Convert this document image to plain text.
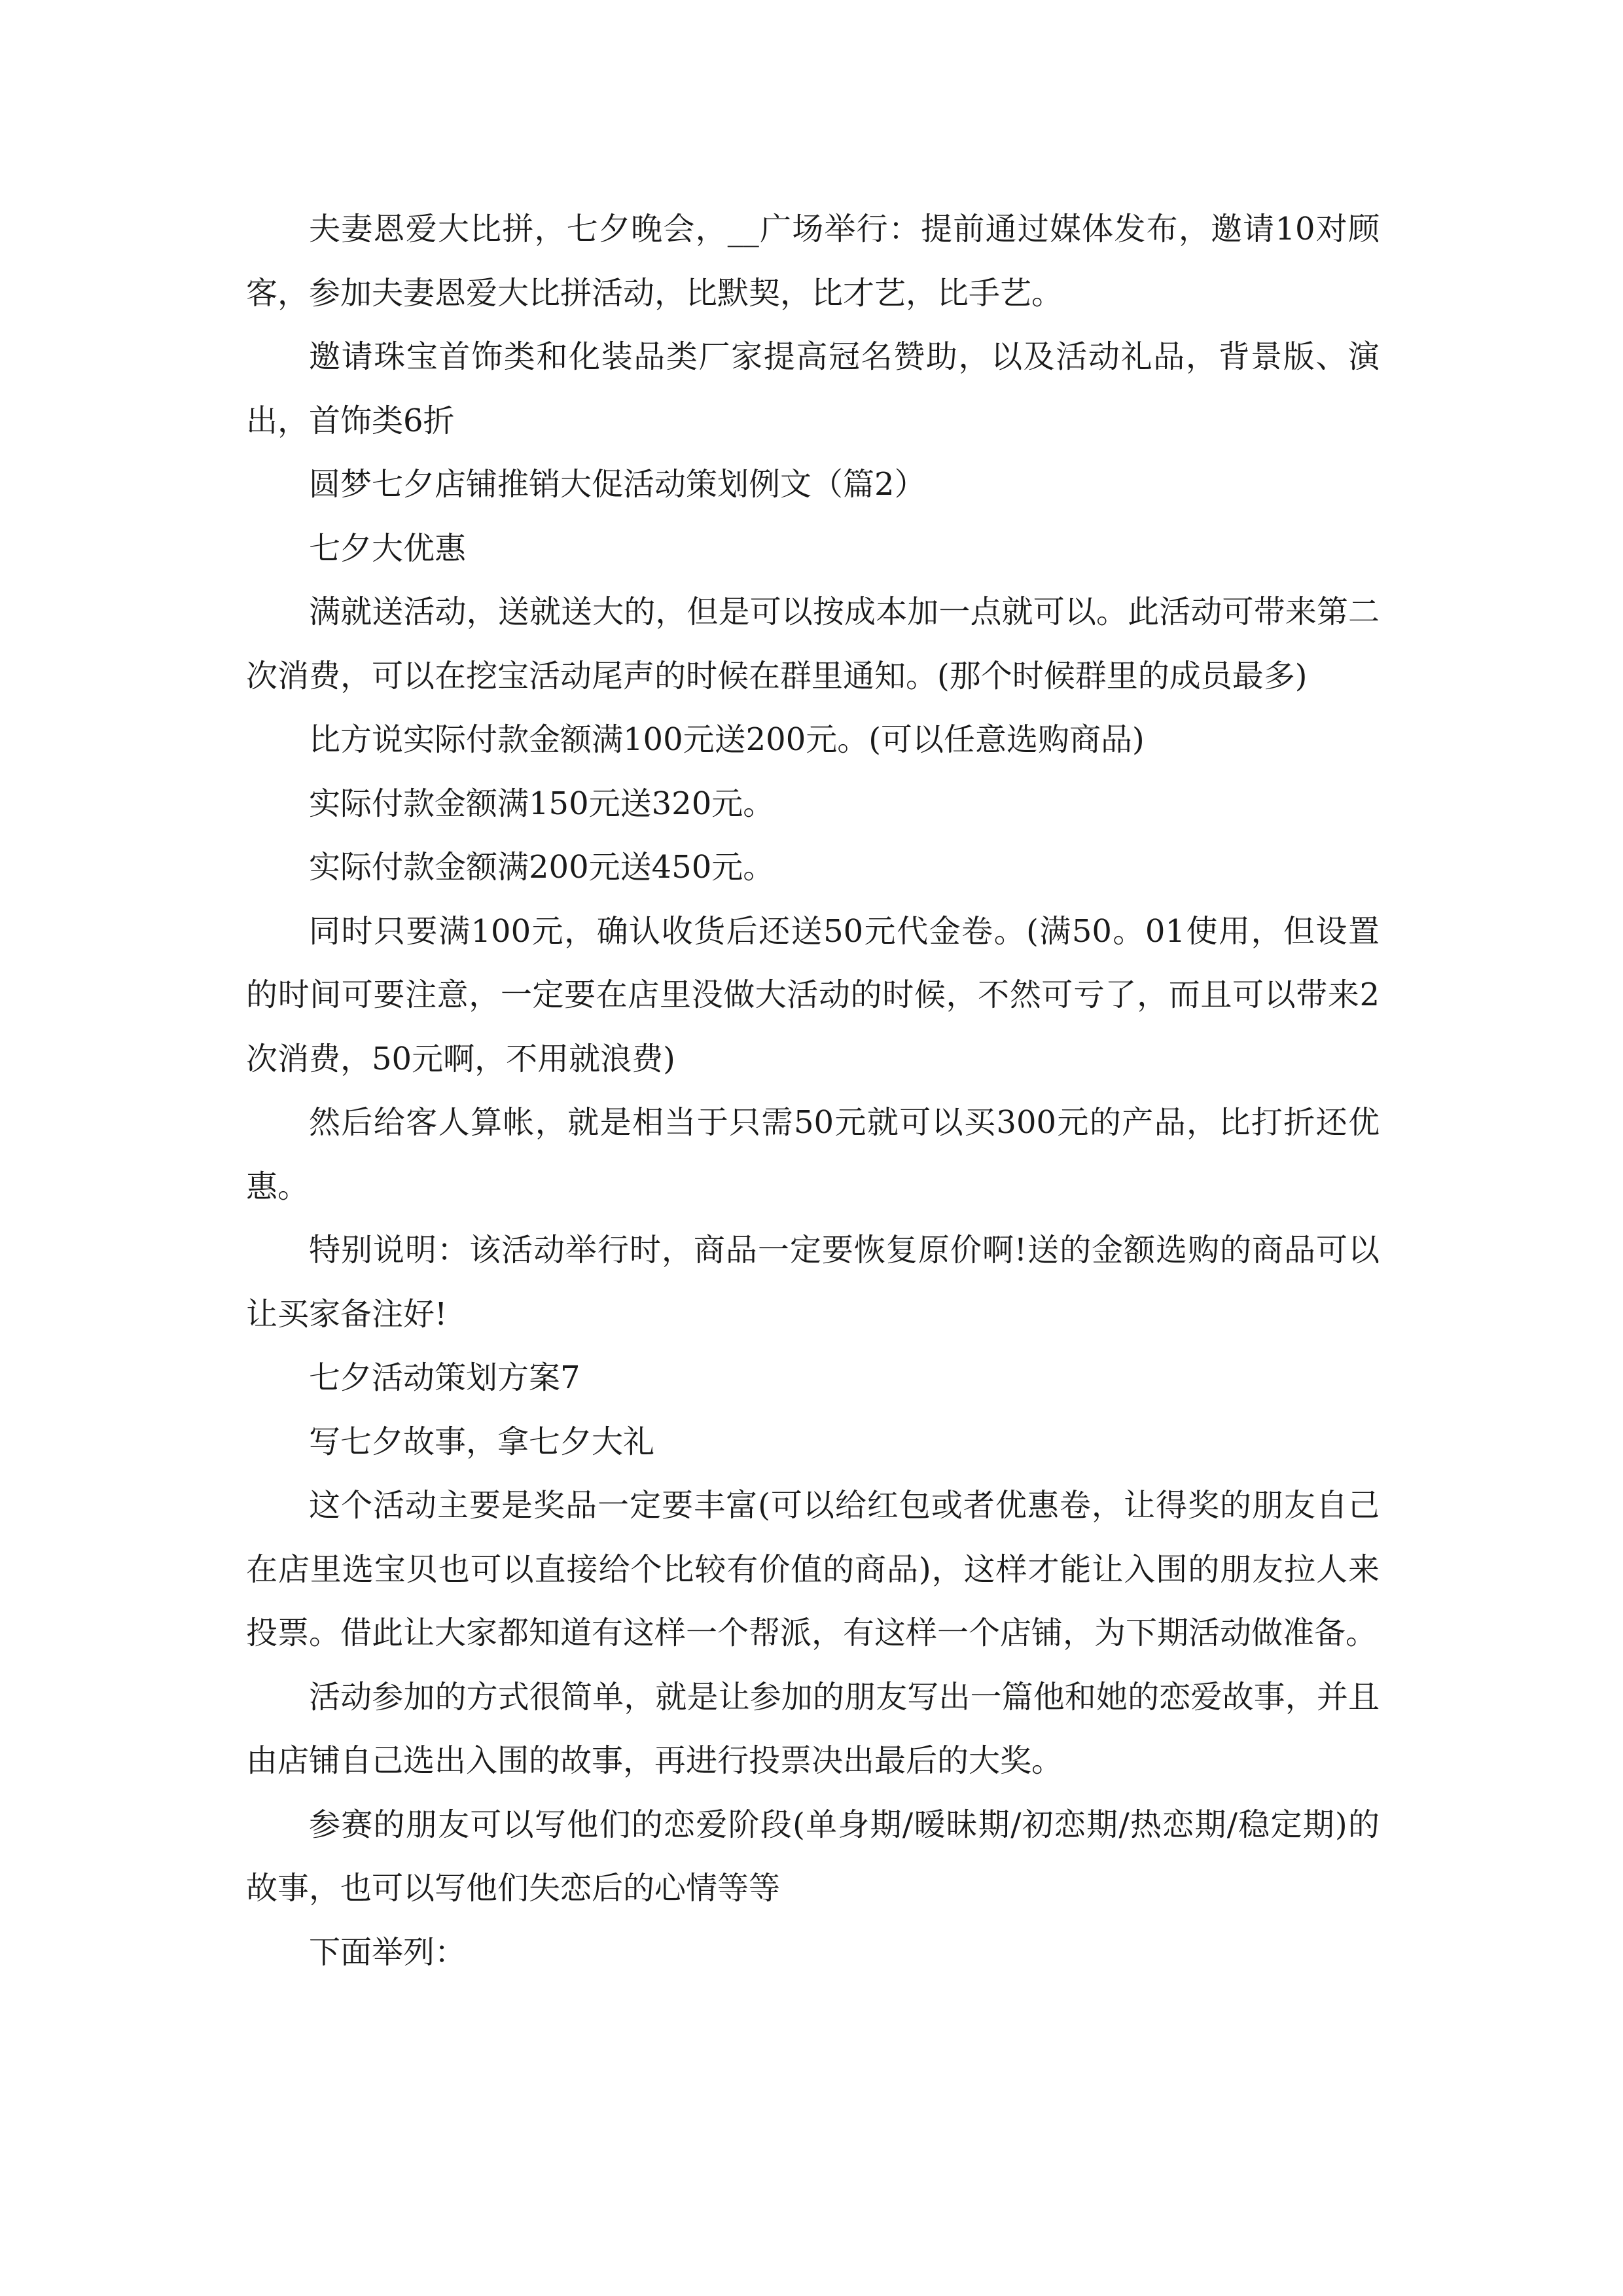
夫妻恩爱大比拼，七夕晚会，__广场举行：提前通过媒体发布，邀请10对顾客，参加夫妻恩爱大比拼活动，比默契，比才艺，比手艺。

邀请珠宝首饰类和化装品类厂家提高冠名赞助，以及活动礼品，背景版、演出，首饰类6折

圆梦七夕店铺推销大促活动策划例文（篇2）

七夕大优惠

满就送活动，送就送大的，但是可以按成本加一点就可以。此活动可带来第二次消费，可以在挖宝活动尾声的时候在群里通知。(那个时候群里的成员最多)

比方说实际付款金额满100元送200元。(可以任意选购商品)

实际付款金额满150元送320元。

实际付款金额满200元送450元。

同时只要满100元，确认收货后还送50元代金卷。(满50。01使用，但设置的时间可要注意，一定要在店里没做大活动的时候，不然可亏了，而且可以带来2次消费，50元啊，不用就浪费)

然后给客人算帐，就是相当于只需50元就可以买300元的产品，比打折还优惠。

特别说明：该活动举行时，商品一定要恢复原价啊!送的金额选购的商品可以让买家备注好!

七夕活动策划方案7

写七夕故事，拿七夕大礼

这个活动主要是奖品一定要丰富(可以给红包或者优惠卷，让得奖的朋友自己在店里选宝贝也可以直接给个比较有价值的商品)，这样才能让入围的朋友拉人来投票。借此让大家都知道有这样一个帮派，有这样一个店铺，为下期活动做准备。

活动参加的方式很简单，就是让参加的朋友写出一篇他和她的恋爱故事，并且由店铺自己选出入围的故事，再进行投票决出最后的大奖。

参赛的朋友可以写他们的恋爱阶段(单身期/暧昧期/初恋期/热恋期/稳定期)的故事，也可以写他们失恋后的心情等等

下面举列：
